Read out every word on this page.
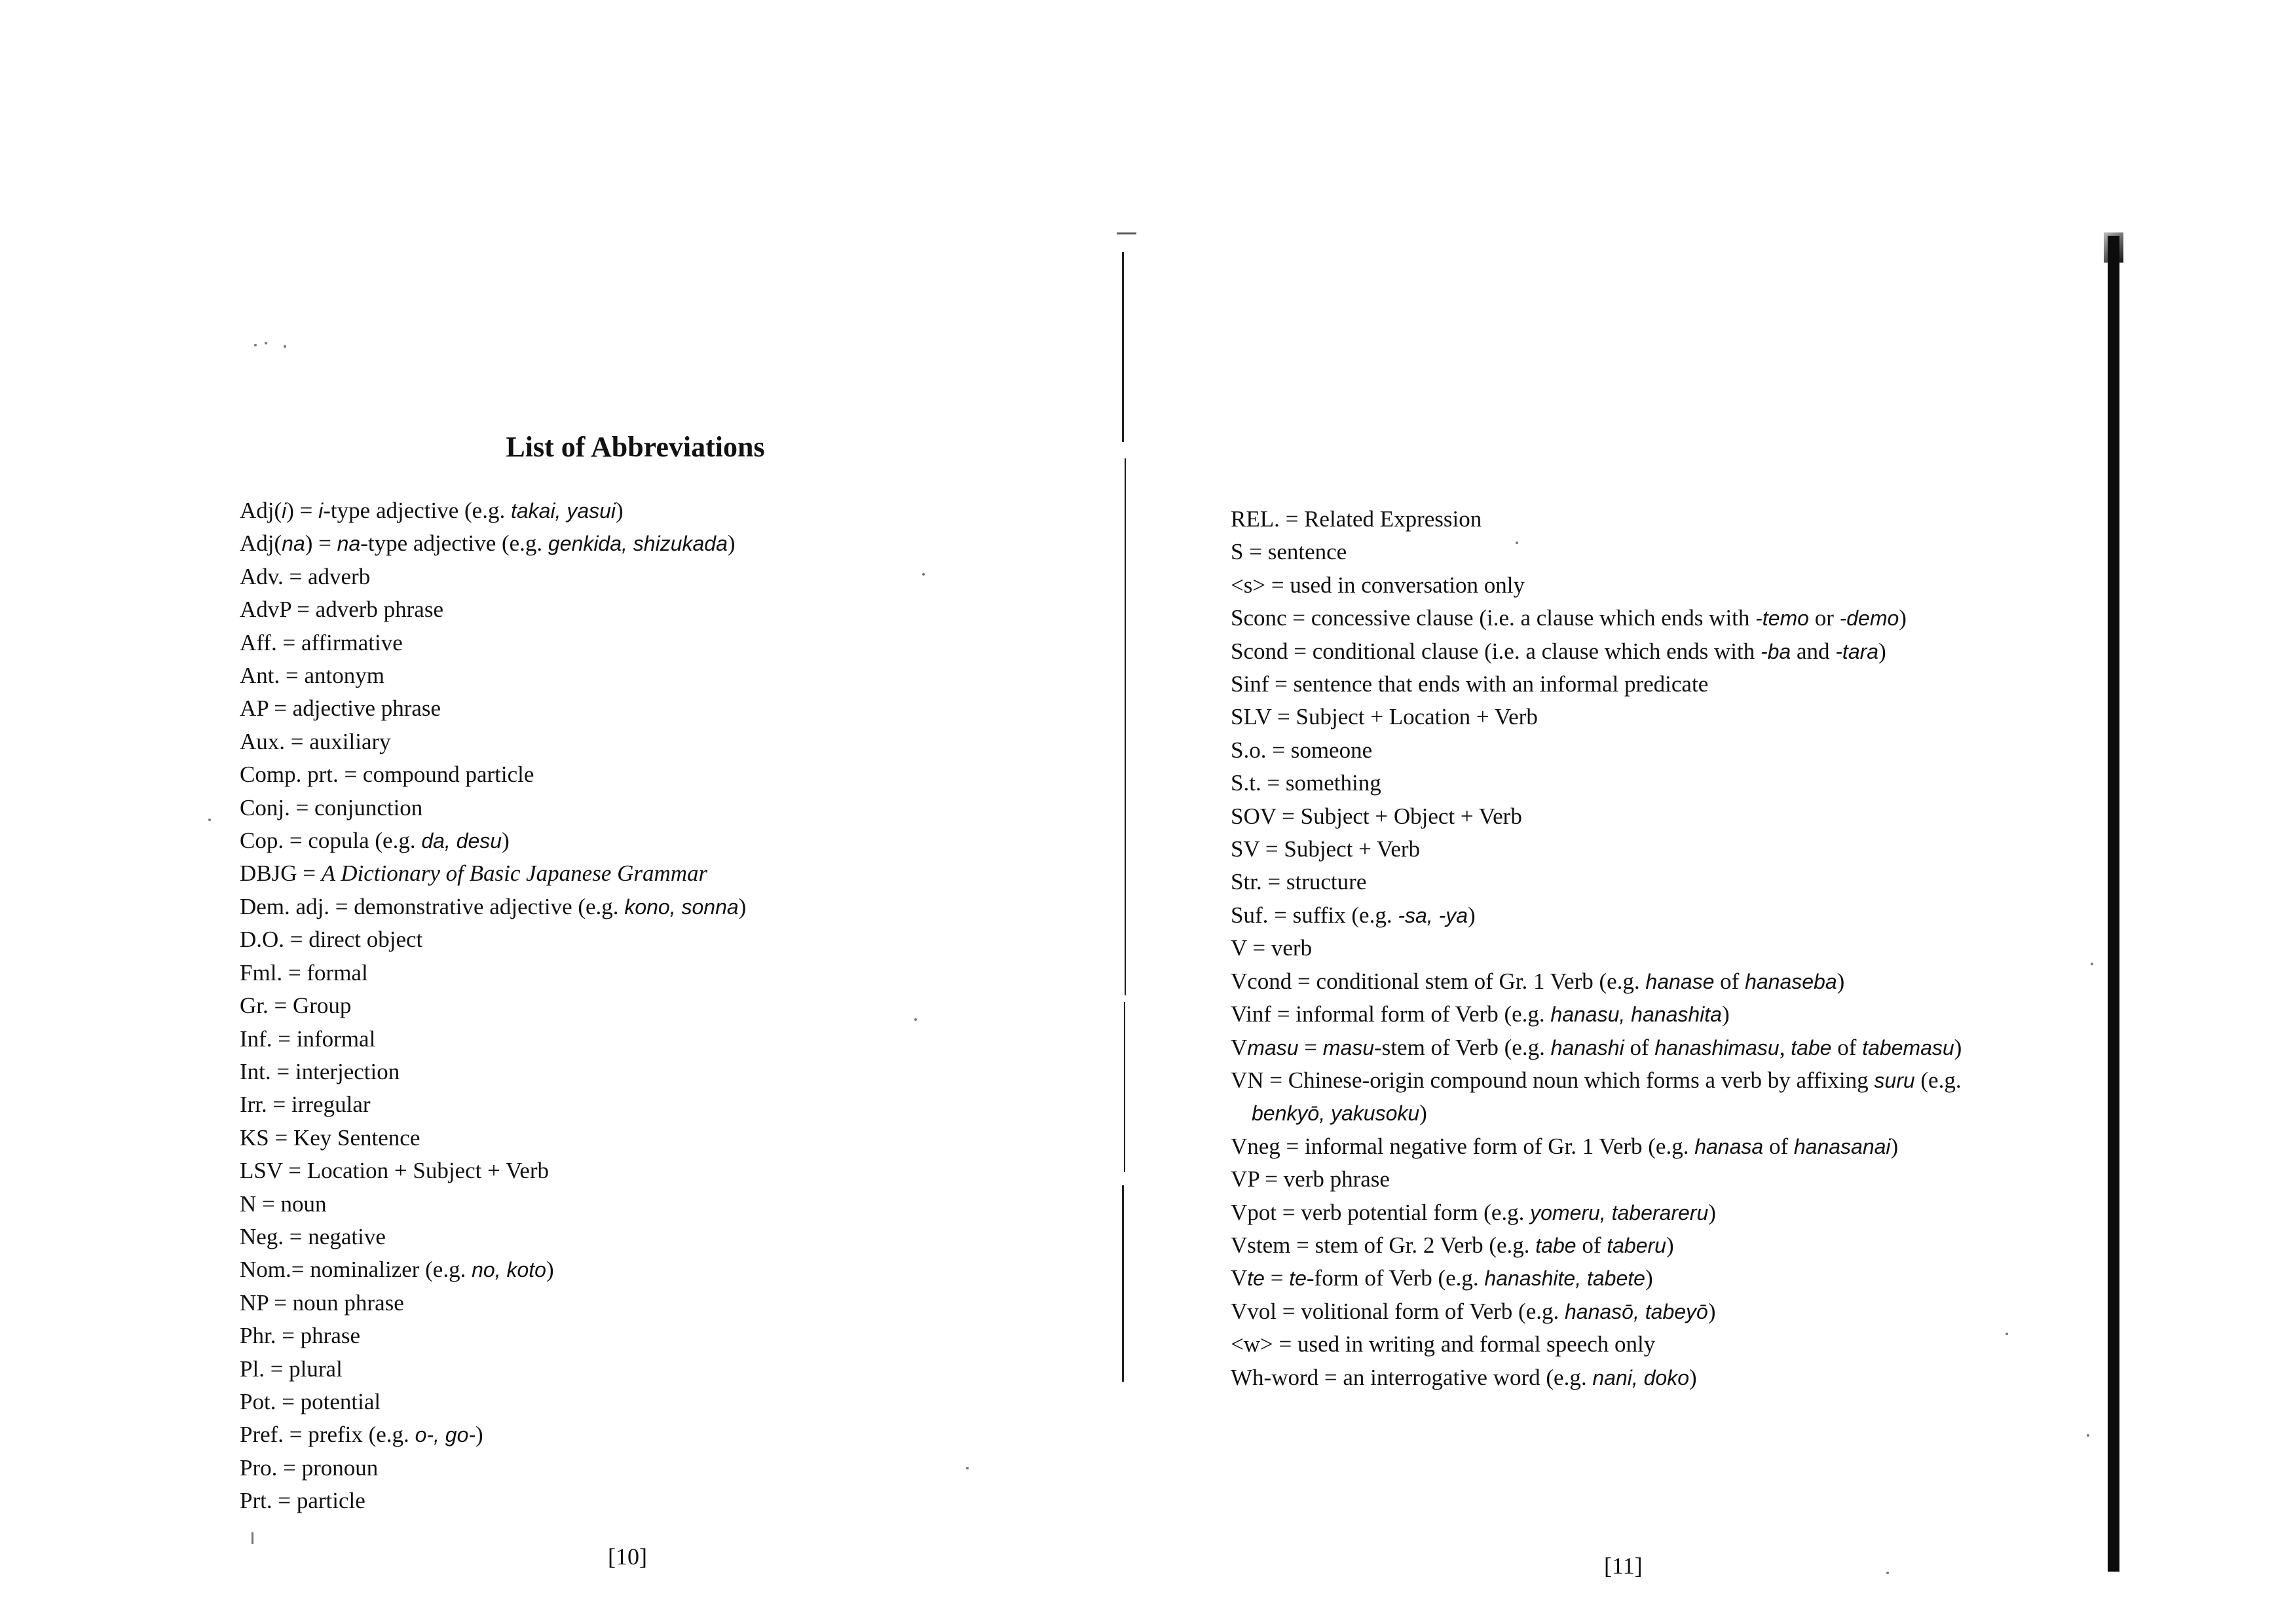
List of Abbreviations
Adj(i) = i-type adjective (e.g. takai, yasui)
Adj(na) = na-type adjective (e.g. genkida, shizukada)
Adv. = adverb
AdvP = adverb phrase
Aff. = affirmative
Ant. = antonym
AP = adjective phrase
Aux. = auxiliary
Comp. prt. = compound particle
Conj. = conjunction
Cop. = copula (e.g. da, desu)
DBJG = A Dictionary of Basic Japanese Grammar
Dem. adj. = demonstrative adjective (e.g. kono, sonna)
D.O. = direct object
Fml. = formal
Gr. = Group
Inf. = informal
Int. = interjection
Irr. = irregular
KS = Key Sentence
LSV = Location + Subject + Verb
N = noun
Neg. = negative
Nom.= nominalizer (e.g. no, koto)
NP = noun phrase
Phr. = phrase
Pl. = plural
Pot. = potential
Pref. = prefix (e.g. o-, go-)
Pro. = pronoun
Prt. = particle
[10]
REL. = Related Expression
S = sentence
<s> = used in conversation only
Sconc = concessive clause (i.e. a clause which ends with -temo or -demo)
Scond = conditional clause (i.e. a clause which ends with -ba and -tara)
Sinf = sentence that ends with an informal predicate
SLV = Subject + Location + Verb
S.o. = someone
S.t. = something
SOV = Subject + Object + Verb
SV = Subject + Verb
Str. = structure
Suf. = suffix (e.g. -sa, -ya)
V = verb
Vcond = conditional stem of Gr. 1 Verb (e.g. hanase of hanaseba)
Vinf = informal form of Verb (e.g. hanasu, hanashita)
Vmasu = masu-stem of Verb (e.g. hanashi of hanashimasu, tabe of tabemasu)
VN = Chinese-origin compound noun which forms a verb by affixing suru (e.g.
benkyō, yakusoku)
Vneg = informal negative form of Gr. 1 Verb (e.g. hanasa of hanasanai)
VP = verb phrase
Vpot = verb potential form (e.g. yomeru, taberareru)
Vstem = stem of Gr. 2 Verb (e.g. tabe of taberu)
Vte = te-form of Verb (e.g. hanashite, tabete)
Vvol = volitional form of Verb (e.g. hanasō, tabeyō)
<w> = used in writing and formal speech only
Wh-word = an interrogative word (e.g. nani, doko)
[11]
